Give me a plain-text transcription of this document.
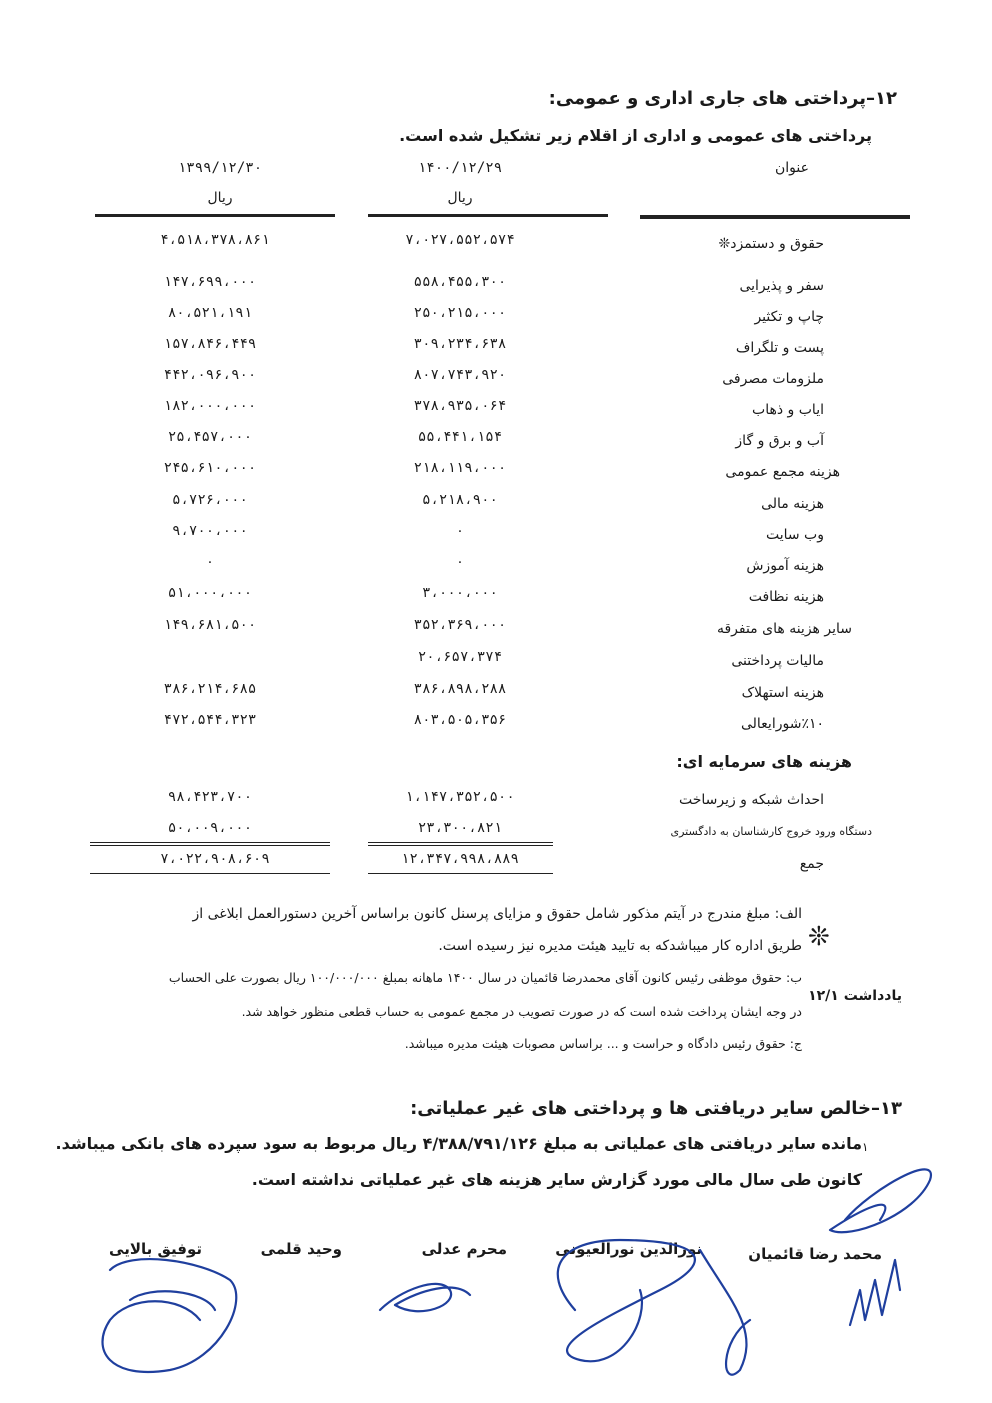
۱۲–پرداختی های جاری اداری و عمومی:
پرداختی های عمومی و اداری از اقلام زیر تشکیل شده است.
عنوان
۱۴۰۰/۱۲/۲۹
۱۳۹۹/۱۲/۳۰
ریال
ریال
حقوق و دستمزد❊
۷،۰۲۷،۵۵۲،۵۷۴
۴،۵۱۸،۳۷۸،۸۶۱
سفر و پذیرایی
۵۵۸،۴۵۵،۳۰۰
۱۴۷،۶۹۹،۰۰۰
چاپ و تکثیر
۲۵۰،۲۱۵،۰۰۰
۸۰،۵۲۱،۱۹۱
پست و تلگراف
۳۰۹،۲۳۴،۶۳۸
۱۵۷،۸۴۶،۴۴۹
ملزومات مصرفی
۸۰۷،۷۴۳،۹۲۰
۴۴۲،۰۹۶،۹۰۰
ایاب و ذهاب
۳۷۸،۹۳۵،۰۶۴
۱۸۲،۰۰۰،۰۰۰
آب و برق و گاز
۵۵،۴۴۱،۱۵۴
۲۵،۴۵۷،۰۰۰
هزینه مجمع عمومی
۲۱۸،۱۱۹،۰۰۰
۲۴۵،۶۱۰،۰۰۰
هزینه مالی
۵،۲۱۸،۹۰۰
۵،۷۲۶،۰۰۰
وب سایت
۰
۹،۷۰۰،۰۰۰
هزینه آموزش
۰
۰
هزینه نظافت
۳،۰۰۰،۰۰۰
۵۱،۰۰۰،۰۰۰
سایر هزینه های متفرقه
۳۵۲،۳۶۹،۰۰۰
۱۴۹،۶۸۱،۵۰۰
مالیات پرداختنی
۲۰،۶۵۷،۳۷۴
هزینه استهلاک
۳۸۶،۸۹۸،۲۸۸
۳۸۶،۲۱۴،۶۸۵
٪۱۰شورایعالی
۸۰۳،۵۰۵،۳۵۶
۴۷۲،۵۴۴،۳۲۳
هزینه های سرمایه ای:
احداث شبکه و زیرساخت
۱،۱۴۷،۳۵۲،۵۰۰
۹۸،۴۲۳،۷۰۰
دستگاه ورود خروج کارشناسان به دادگستری
۲۳،۳۰۰،۸۲۱
۵۰،۰۰۹،۰۰۰
جمع
۱۲،۳۴۷،۹۹۸،۸۸۹
۷،۰۲۲،۹۰۸،۶۰۹
❊
یادداشت ۱۲/۱
الف: مبلغ مندرج در آیتم مذکور شامل حقوق و مزایای پرسنل کانون براساس آخرین دستورالعمل ابلاغی از
طریق اداره کار میباشدکه به تایید هیئت مدیره نیز رسیده است.
ب: حقوق موظفی رئیس کانون آقای محمدرضا قائمیان در سال ۱۴۰۰ ماهانه بمبلغ ۱۰۰/۰۰۰/۰۰۰ ریال بصورت علی الحساب
در وجه ایشان پرداخت شده است که در صورت تصویب در مجمع عمومی به حساب قطعی منظور خواهد شد.
ج: حقوق رئیس دادگاه و حراست و ... براساس مصوبات هیئت مدیره میباشد.
۱۳–خالص سایر دریافتی ها و پرداختی های غیر عملیاتی:
۱
مانده سایر دریافتی های عملیاتی به مبلغ ۴/۳۸۸/۷۹۱/۱۲۶ ریال مربوط به سود سپرده های بانکی میباشد.
کانون طی سال مالی مورد گزارش سایر هزینه های غیر عملیاتی نداشته است.
محمد رضا قائمیان
نورالدین نورالعیونی
محرم عدلی
وحید قلمی
توفیق بالایی
